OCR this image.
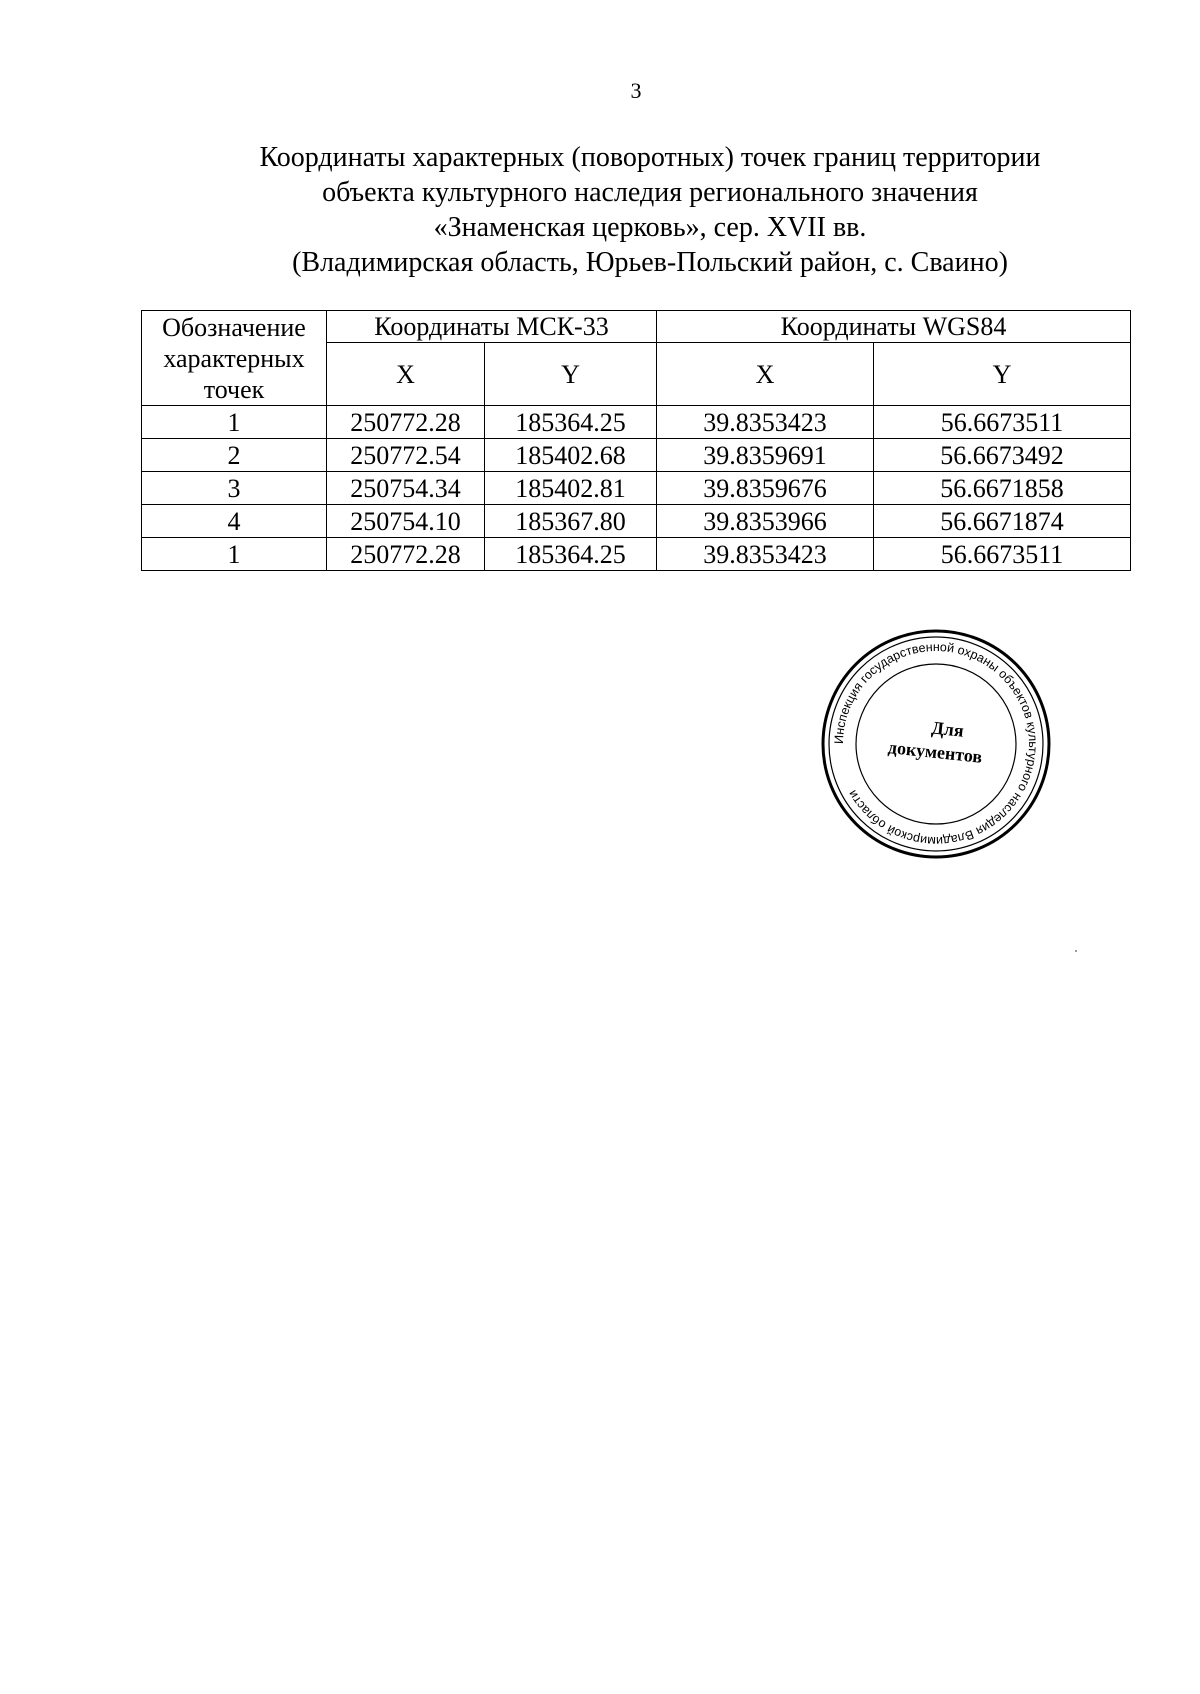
3
Координаты характерных (поворотных) точек границ территории
объекта культурного наследия регионального значения
«Знаменская церковь», сер. XVII вв.
(Владимирская область, Юрьев-Польский район, с. Сваино)
Обозначение характерных точек	Координаты МСК-33		Координаты WGS84	
	X	Y	X	Y
1	250772.28	185364.25	39.8353423	56.6673511
2	250772.54	185402.68	39.8359691	56.6673492
3	250754.34	185402.81	39.8359676	56.6671858
4	250754.10	185367.80	39.8353966	56.6671874
1	250772.28	185364.25	39.8353423	56.6673511
Инспекция государственной охраны объектов культурного наследия Владимирской области
Для
документов
